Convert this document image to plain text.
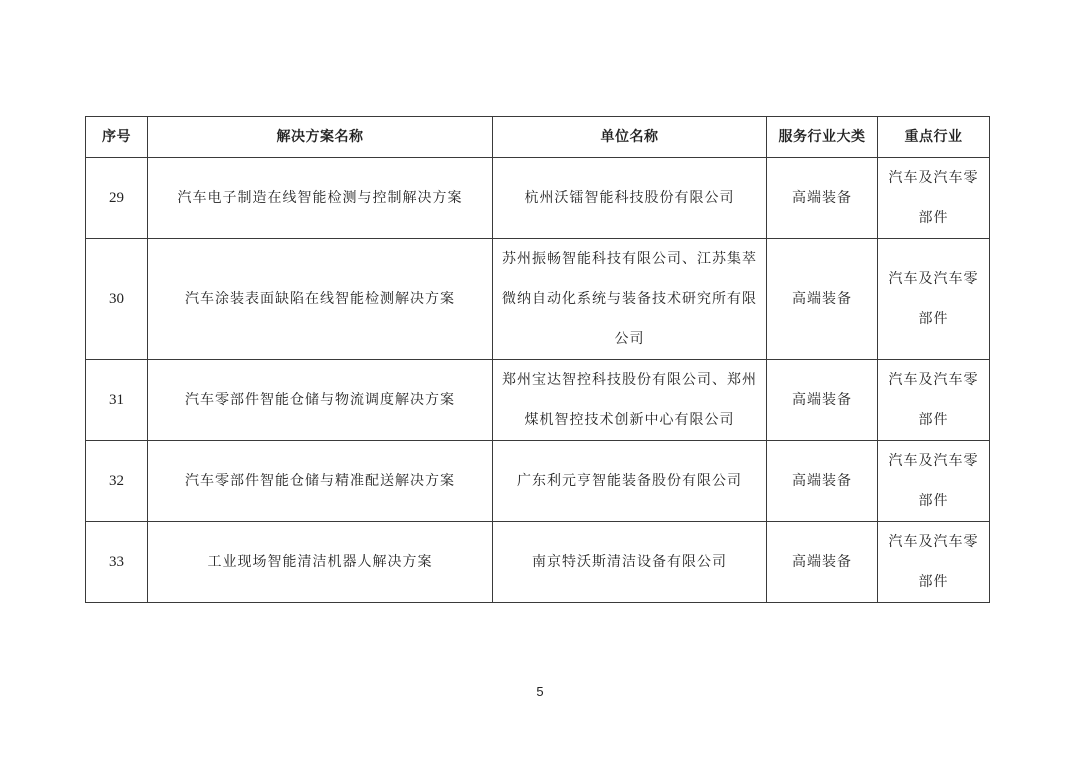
序号	解决方案名称	单位名称	服务行业大类	重点行业
29	汽车电子制造在线智能检测与控制解决方案	杭州沃镭智能科技股份有限公司	高端装备	汽车及汽车零部件

30	汽车涂装表面缺陷在线智能检测解决方案	苏州振畅智能科技有限公司、江苏集萃微纳自动化系统与装备技术研究所有限公司	高端装备	汽车及汽车零部件

31	汽车零部件智能仓储与物流调度解决方案	郑州宝达智控科技股份有限公司、郑州煤机智控技术创新中心有限公司	高端装备	汽车及汽车零部件

32	汽车零部件智能仓储与精准配送解决方案	广东利元亨智能装备股份有限公司	高端装备	汽车及汽车零部件

33	工业现场智能清洁机器人解决方案	南京特沃斯清洁设备有限公司	高端装备	汽车及汽车零部件
5
